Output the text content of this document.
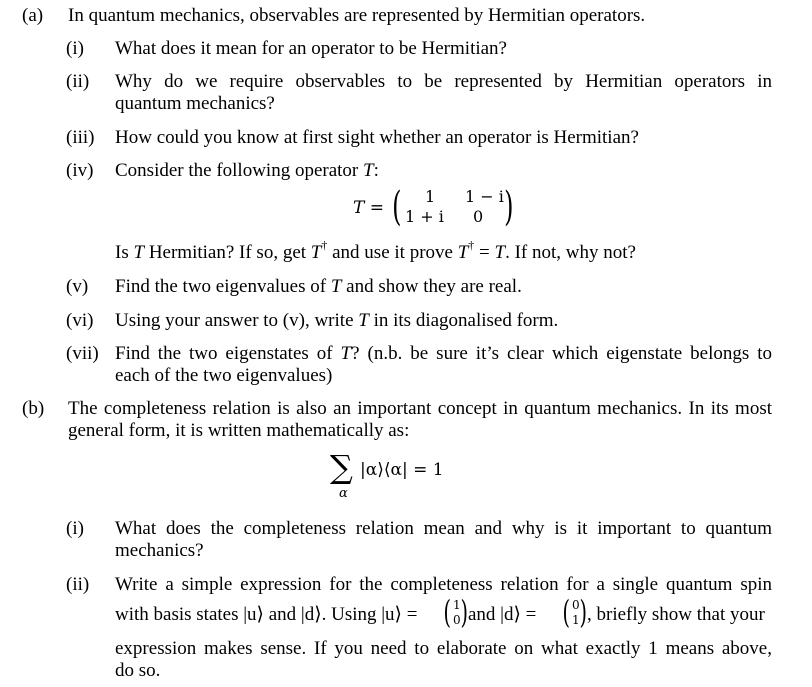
(a) In quantum mechanics, observables are represented by Hermitian operators.
(i) What does it mean for an operator to be Hermitian?
(ii) Why do we require observables to be represented by Hermitian operators in
quantum mechanics?
(iii) How could you know at first sight whether an operator is Hermitian?
(iv) Consider the following operator T:
T = ( 1 1 − i
1 + i 0 )
Is T Hermitian? If so, get T† and use it prove T† = T. If not, why not?
(v) Find the two eigenvalues of T and show they are real.
(vi) Using your answer to (v), write T in its diagonalised form.
(vii) Find the two eigenstates of T? (n.b. be sure it’s clear which eigenstate belongs to
each of the two eigenvalues)
(b) The completeness relation is also an important concept in quantum mechanics. In its most
general form, it is written mathematically as:
∑
α
|α⟩⟨α| = 1
(i) What does the completeness relation mean and why is it important to quantum
mechanics?
(ii) Write a simple expression for the completeness relation for a single quantum spin
with basis states |u⟩ and |d⟩. Using |u⟩ = ( 1
0 ) and |d⟩ = ( 0
1 ) , briefly show that your
expression makes sense. If you need to elaborate on what exactly 1 means above,
do so.
